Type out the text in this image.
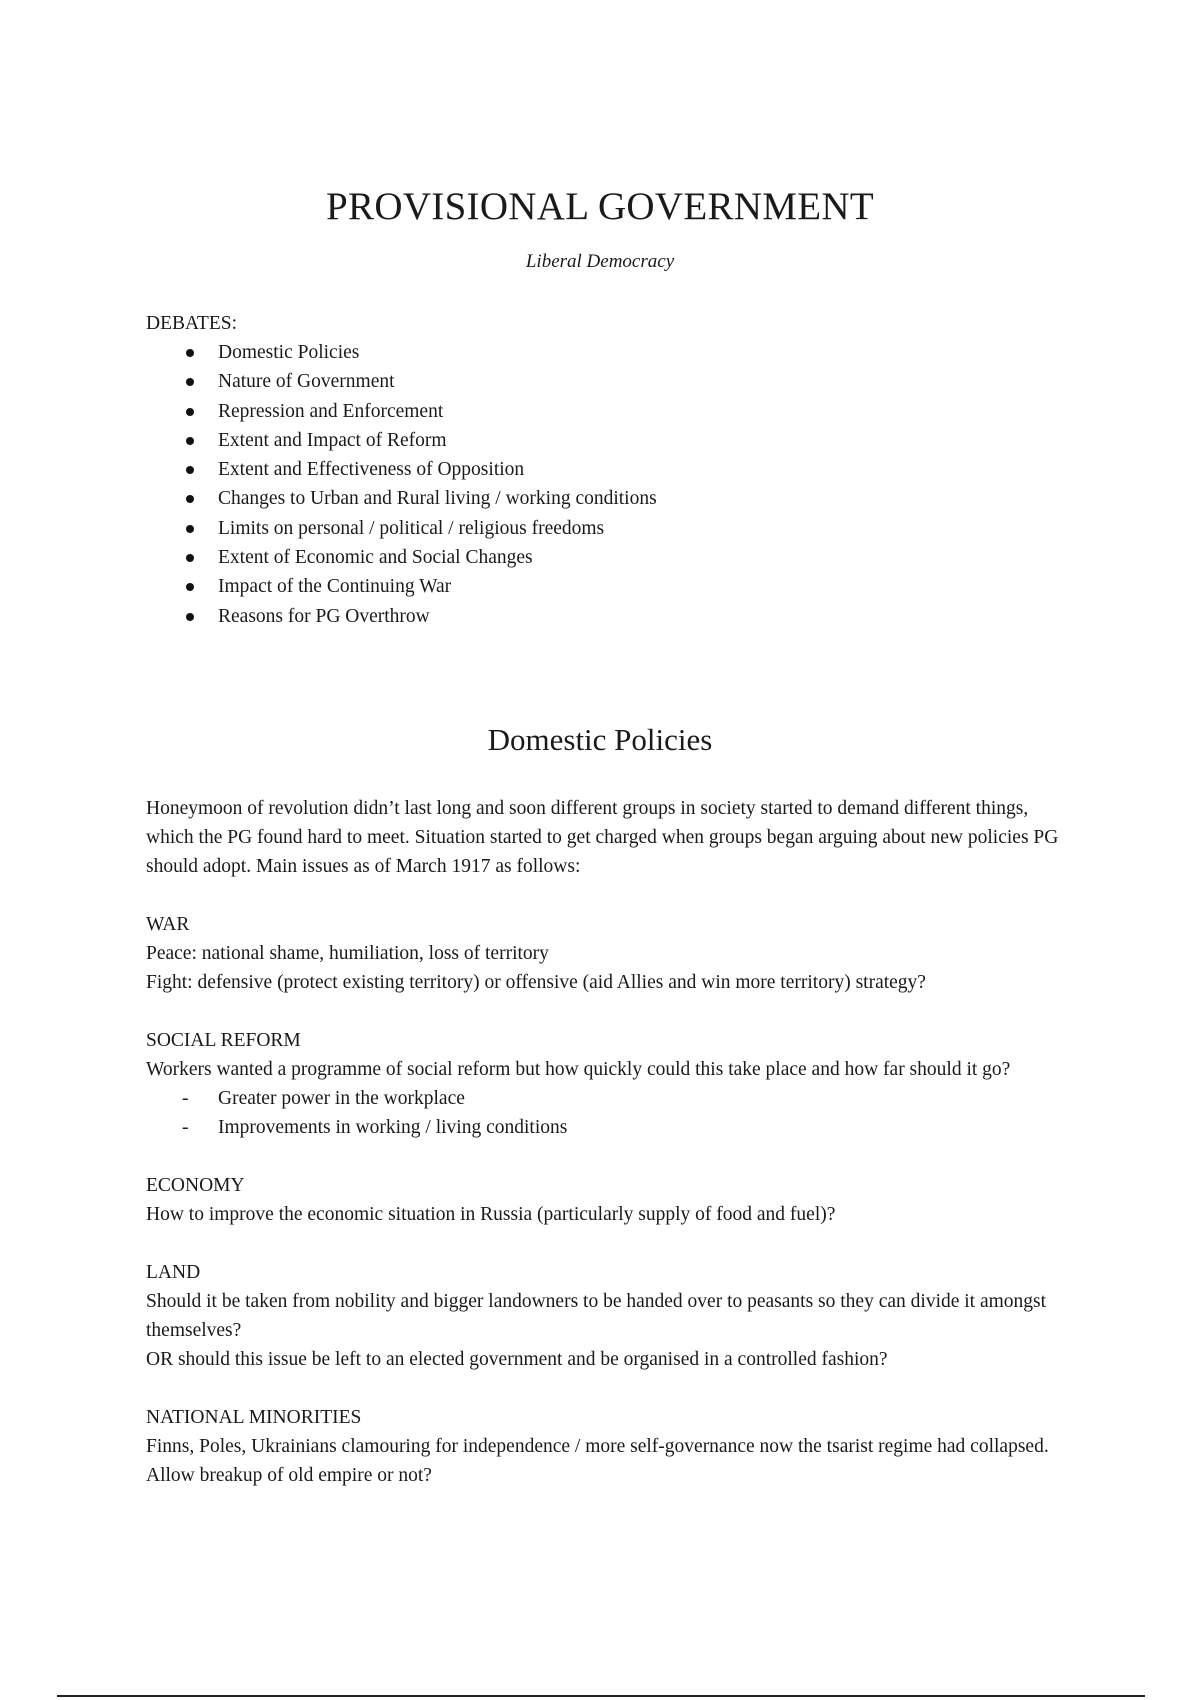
PROVISIONAL GOVERNMENT
Liberal Democracy
DEBATES:
Domestic Policies
Nature of Government
Repression and Enforcement
Extent and Impact of Reform
Extent and Effectiveness of Opposition
Changes to Urban and Rural living / working conditions
Limits on personal / political / religious freedoms
Extent of Economic and Social Changes
Impact of the Continuing War
Reasons for PG Overthrow
Domestic Policies

Honeymoon of revolution didn’t last long and soon different groups in society started to demand different things, which the PG found hard to meet. Situation started to get charged when groups began arguing about new policies PG should adopt. Main issues as of March 1917 as follows:

WAR

Peace: national shame, humiliation, loss of territory

Fight: defensive (protect existing territory) or offensive (aid Allies and win more territory) strategy?

SOCIAL REFORM

Workers wanted a programme of social reform but how quickly could this take place and how far should it go?

- Greater power in the workplace
- Improvements in working / living conditions

ECONOMY

How to improve the economic situation in Russia (particularly supply of food and fuel)?

LAND

Should it be taken from nobility and bigger landowners to be handed over to peasants so they can divide it amongst themselves?

OR should this issue be left to an elected government and be organised in a controlled fashion?

NATIONAL MINORITIES

Finns, Poles, Ukrainians clamouring for independence / more self-governance now the tsarist regime had collapsed. Allow breakup of old empire or not?
